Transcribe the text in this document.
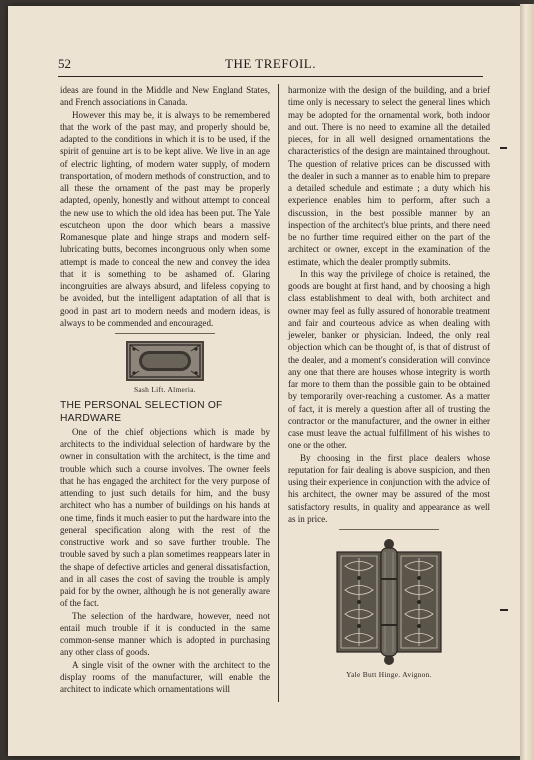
52	THE TREFOIL.

ideas are found in the Middle and New England States, and French associations in Canada.

However this may be, it is always to be remembered that the work of the past may, and properly should be, adapted to the conditions in which it is to be used, if the spirit of genuine art is to be kept alive. We live in an age of electric lighting, of modern water supply, of modern transportation, of modern methods of construction, and to all these the ornament of the past may be properly adapted, openly, honestly and without attempt to conceal the new use to which the old idea has been put. The Yale escutcheon upon the door which bears a massive Romanesque plate and hinge straps and modern self-lubricating butts, becomes incongruous only when some attempt is made to conceal the new and convey the idea that it is something to be ashamed of. Glaring incongruities are always absurd, and lifeless copying to be avoided, but the intelligent adaptation of all that is good in past art to modern needs and modern ideas, is always to be commended and encouraged.

Sash Lift. Almeria.
THE PERSONAL SELECTION OF HARDWARE

One of the chief objections which is made by architects to the individual selection of hardware by the owner in consultation with the architect, is the time and trouble which such a course involves. The owner feels that he has engaged the architect for the very purpose of attending to just such details for him, and the busy architect who has a number of buildings on his hands at one time, finds it much easier to put the hardware into the general specification along with the rest of the constructive work and so save further trouble. The trouble saved by such a plan sometimes reappears later in the shape of defective articles and general dissatisfaction, and in all cases the cost of saving the trouble is amply paid for by the owner, although he is not generally aware of the fact.

The selection of the hardware, however, need not entail much trouble if it is conducted in the same common-sense manner which is adopted in purchasing any other class of goods.

A single visit of the owner with the architect to the display rooms of the manufacturer, will enable the architect to indicate which ornamentations will

harmonize with the design of the building, and a brief time only is necessary to select the general lines which may be adopted for the ornamental work, both indoor and out. There is no need to examine all the detailed pieces, for in all well designed ornamentations the characteristics of the design are maintained throughout. The question of relative prices can be discussed with the dealer in such a manner as to enable him to prepare a detailed schedule and estimate ; a duty which his experience enables him to perform, after such a discussion, in the best possible manner by an inspection of the architect's blue prints, and there need be no further time required either on the part of the architect or owner, except in the examination of the estimate, which the dealer promptly submits.

In this way the privilege of choice is retained, the goods are bought at first hand, and by choosing a high class establishment to deal with, both architect and owner may feel as fully assured of honorable treatment and fair and courteous advice as when dealing with jeweler, banker or physician. Indeed, the only real objection which can be thought of, is that of distrust of the dealer, and a moment's consideration will convince any one that there are houses whose integrity is worth far more to them than the possible gain to be obtained by temporarily over-reaching a customer. As a matter of fact, it is merely a question after all of trusting the contractor or the manufacturer, and the owner in either case must leave the actual fulfillment of his wishes to one or the other.

By choosing in the first place dealers whose reputation for fair dealing is above suspicion, and then using their experience in conjunction with the advice of his architect, the owner may be assured of the most satisfactory results, in quality and appearance as well as in price.

Yale Butt Hinge. Avignon.
